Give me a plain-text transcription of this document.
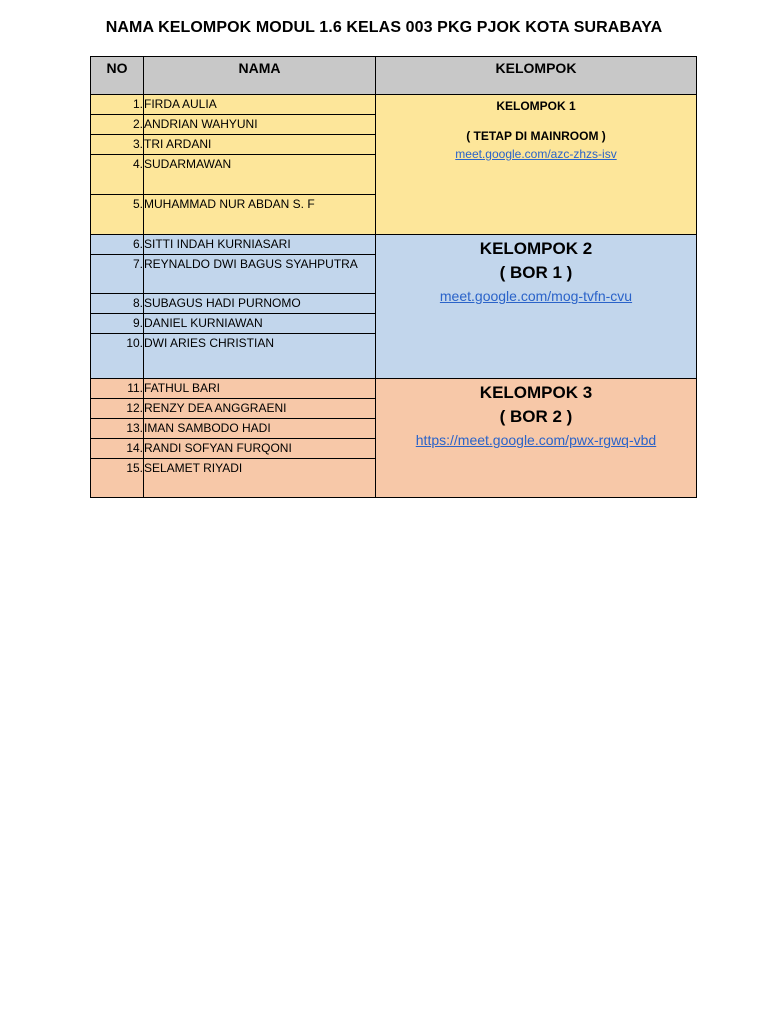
NAMA KELOMPOK MODUL 1.6 KELAS 003 PKG PJOK KOTA SURABAYA
NO	NAMA	KELOMPOK
1.	FIRDA AULIA	KELOMPOK 1
( TETAP DI MAINROOM )
meet.google.com/azc-zhzs-isv

2.	ANDRIAN WAHYUNI	
3.	TRI ARDANI	
4.	SUDARMAWAN	
5.	MUHAMMAD NUR ABDAN S. F	
6.	SITTI INDAH KURNIASARI	KELOMPOK 2
( BOR 1 )
meet.google.com/mog-tvfn-cvu

7.	REYNALDO DWI BAGUS SYAHPUTRA	
8.	SUBAGUS HADI PURNOMO	
9.	DANIEL KURNIAWAN	
10.	DWI ARIES CHRISTIAN	
11.	FATHUL BARI	KELOMPOK 3
( BOR 2 )
https://meet.google.com/pwx-rgwq-vbd

12.	RENZY DEA ANGGRAENI	
13.	IMAN SAMBODO HADI	
14.	RANDI SOFYAN FURQONI	
15.	SELAMET RIYADI	
